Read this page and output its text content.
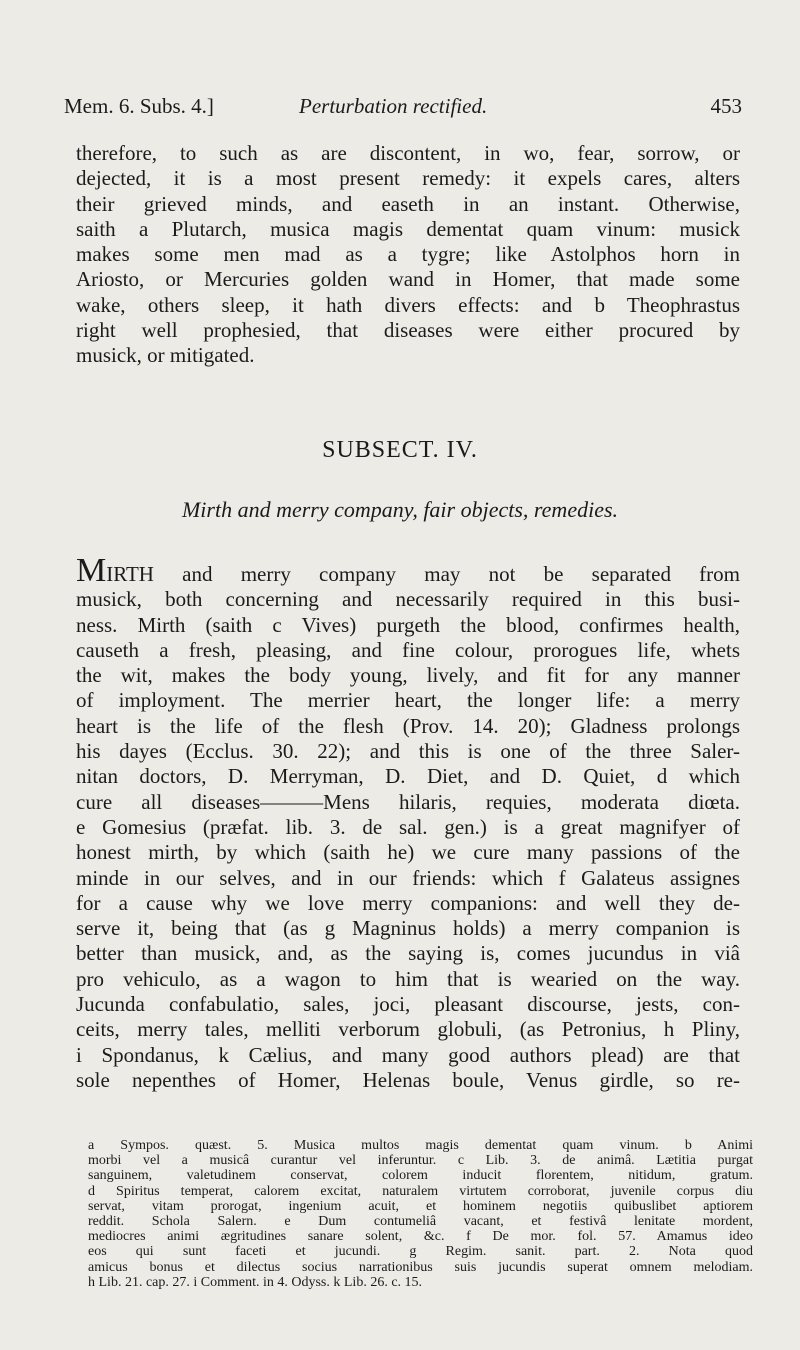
Mem. 6. Subs. 4.]	Perturbation rectified.	453
therefore, to such as are discontent, in wo, fear, sorrow, or
dejected, it is a most present remedy: it expels cares, alters
their grieved minds, and easeth in an instant. Otherwise,
saith a Plutarch, musica magis dementat quam vinum: musick
makes some men mad as a tygre; like Astolphos horn in
Ariosto, or Mercuries golden wand in Homer, that made some
wake, others sleep, it hath divers effects: and b Theophrastus
right well prophesied, that diseases were either procured by
musick, or mitigated.
SUBSECT. IV.
Mirth and merry company, fair objects, remedies.
MIRTH and merry company may not be separated from
musick, both concerning and necessarily required in this busi-
ness. Mirth (saith c Vives) purgeth the blood, confirmes health,
causeth a fresh, pleasing, and fine colour, prorogues life, whets
the wit, makes the body young, lively, and fit for any manner
of imployment. The merrier heart, the longer life: a merry
heart is the life of the flesh (Prov. 14. 20); Gladness prolongs
his dayes (Ecclus. 30. 22); and this is one of the three Saler-
nitan doctors, D. Merryman, D. Diet, and D. Quiet, d which
cure all diseases———Mens hilaris, requies, moderata diœta.
e Gomesius (præfat. lib. 3. de sal. gen.) is a great magnifyer of
honest mirth, by which (saith he) we cure many passions of the
minde in our selves, and in our friends: which f Galateus assignes
for a cause why we love merry companions: and well they de-
serve it, being that (as g Magninus holds) a merry companion is
better than musick, and, as the saying is, comes jucundus in viâ
pro vehiculo, as a wagon to him that is wearied on the way.
Jucunda confabulatio, sales, joci, pleasant discourse, jests, con-
ceits, merry tales, melliti verborum globuli, (as Petronius, h Pliny,
i Spondanus, k Cælius, and many good authors plead) are that
sole nepenthes of Homer, Helenas boule, Venus girdle, so re-
a Sympos. quæst. 5. Musica multos magis dementat quam vinum. b Animi
morbi vel a musicâ curantur vel inferuntur. c Lib. 3. de animâ. Lætitia purgat
sanguinem, valetudinem conservat, colorem inducit florentem, nitidum, gratum.
d Spiritus temperat, calorem excitat, naturalem virtutem corroborat, juvenile corpus diu
servat, vitam prorogat, ingenium acuit, et hominem negotiis quibuslibet aptiorem
reddit. Schola Salern. e Dum contumeliâ vacant, et festivâ lenitate mordent,
mediocres animi ægritudines sanare solent, &c. f De mor. fol. 57. Amamus ideo
eos qui sunt faceti et jucundi. g Regim. sanit. part. 2. Nota quod
amicus bonus et dilectus socius narrationibus suis jucundis superat omnem melodiam.
h Lib. 21. cap. 27. i Comment. in 4. Odyss. k Lib. 26. c. 15.
